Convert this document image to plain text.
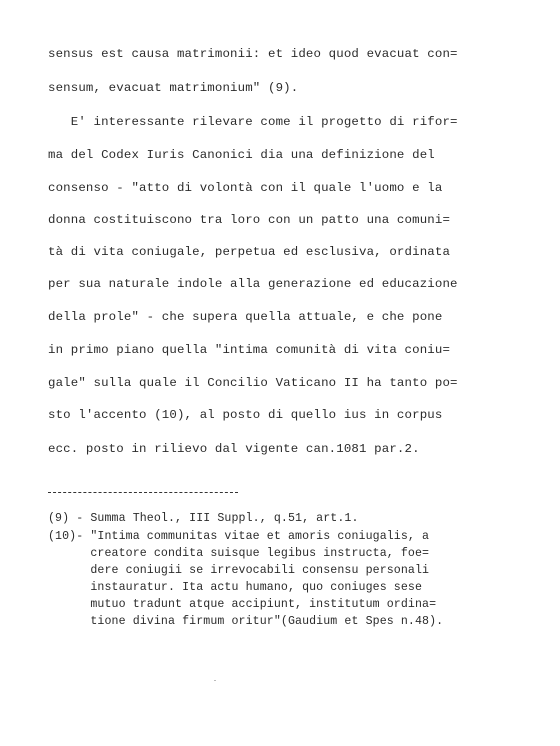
sensus est causa matrimonii: et ideo quod evacuat con=
sensum, evacuat matrimonium" (9).
E' interessante rilevare come il progetto di rifor=
ma del Codex Iuris Canonici dia una definizione del
consenso - "atto di volontà con il quale l'uomo e la
donna costituiscono tra loro con un patto una comuni=
tà di vita coniugale, perpetua ed esclusiva, ordinata
per sua naturale indole alla generazione ed educazione
della prole" - che supera quella attuale, e che pone
in primo piano quella "intima comunità di vita coniu=
gale" sulla quale il Concilio Vaticano II ha tanto po=
sto l'accento (10), al posto di quello ius in corpus
ecc. posto in rilievo dal vigente can.1081 par.2.
(9) - Summa Theol., III Suppl., q.51, art.1.
(10)- "Intima communitas vitae et amoris coniugalis, a
creatore condita suisque legibus instructa, foe=
dere coniugii se irrevocabili consensu personali
instauratur. Ita actu humano, quo coniuges sese
mutuo tradunt atque accipiunt, institutum ordina=
tione divina firmum oritur"(Gaudium et Spes n.48).
